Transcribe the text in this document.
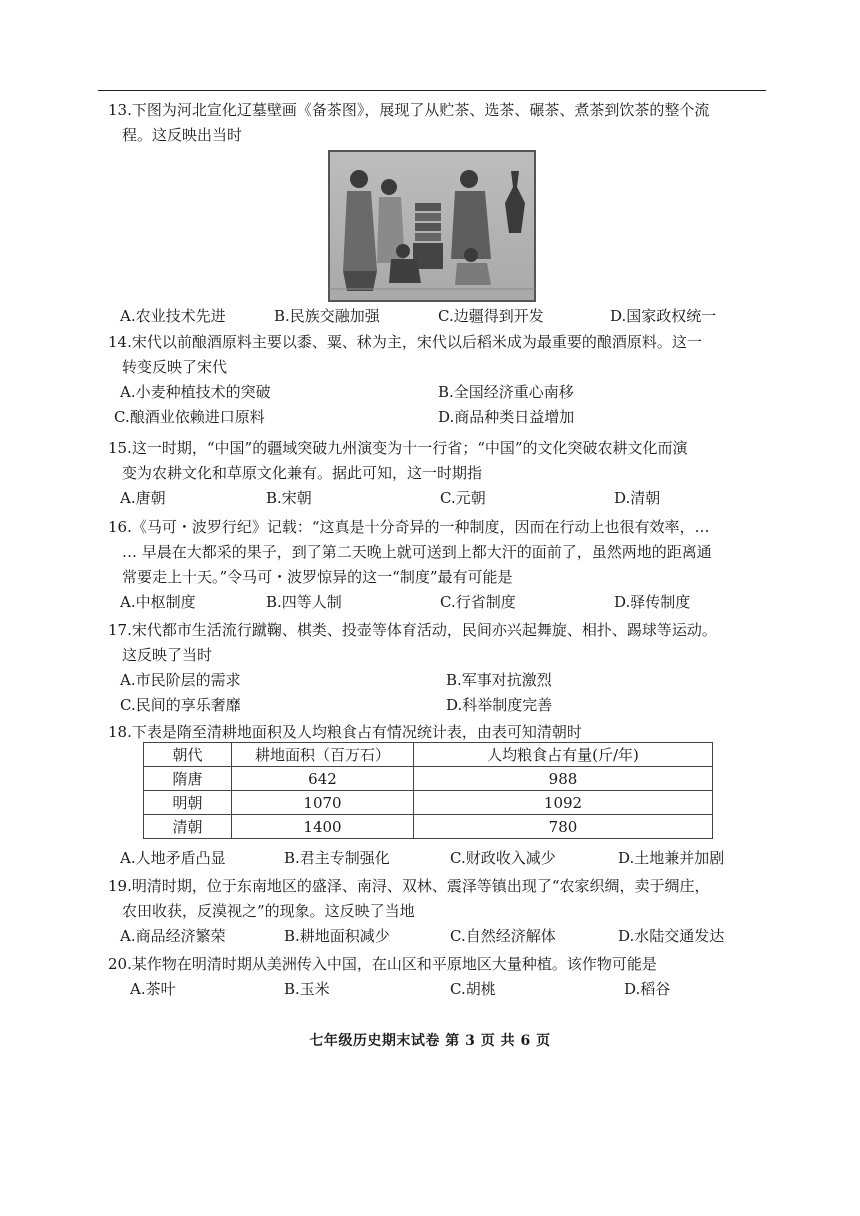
13.下图为河北宣化辽墓壁画《备茶图》，展现了从贮茶、选茶、碾茶、煮茶到饮茶的整个流

程。这反映出当时

A.农业技术先进	B.民族交融加强	C.边疆得到开发	D.国家政权统一

14.宋代以前酿酒原料主要以黍、粟、秫为主，宋代以后稻米成为最重要的酿酒原料。这一

转变反映了宋代

A.小麦种植技术的突破	B.全国经济重心南移
C.酿酒业依赖进口原料	D.商品种类日益增加

15.这一时期，“中国”的疆域突破九州演变为十一行省；“中国”的文化突破农耕文化而演

变为农耕文化和草原文化兼有。据此可知，这一时期指

A.唐朝	B.宋朝	C.元朝	D.清朝

16.《马可・波罗行纪》记载：“这真是十分奇异的一种制度，因而在行动上也很有效率，…

… 早晨在大都采的果子，到了第二天晚上就可送到上都大汗的面前了，虽然两地的距离通

常要走上十天。”令马可・波罗惊异的这一“制度”最有可能是

A.中枢制度	B.四等人制	C.行省制度	D.驿传制度

17.宋代都市生活流行蹴鞠、棋类、投壶等体育活动，民间亦兴起舞旋、相扑、踢球等运动。

这反映了当时

A.市民阶层的需求	B.军事对抗激烈
C.民间的享乐奢靡	D.科举制度完善

18.下表是隋至清耕地面积及人均粮食占有情况统计表，由表可知清朝时

朝代	耕地面积（百万石）	人均粮食占有量(斤/年)
隋唐	642	988
明朝	1070	1092
清朝	1400	780
A.人地矛盾凸显	B.君主专制强化	C.财政收入减少	D.土地兼并加剧

19.明清时期，位于东南地区的盛泽、南浔、双林、震泽等镇出现了“农家织绸，卖于绸庄，

农田收获，反漠视之”的现象。这反映了当地

A.商品经济繁荣	B.耕地面积减少	C.自然经济解体	D.水陆交通发达

20.某作物在明清时期从美洲传入中国，在山区和平原地区大量种植。该作物可能是

A.茶叶	B.玉米	C.胡桃	D.稻谷
七年级历史期末试卷 第 3 页 共 6 页
